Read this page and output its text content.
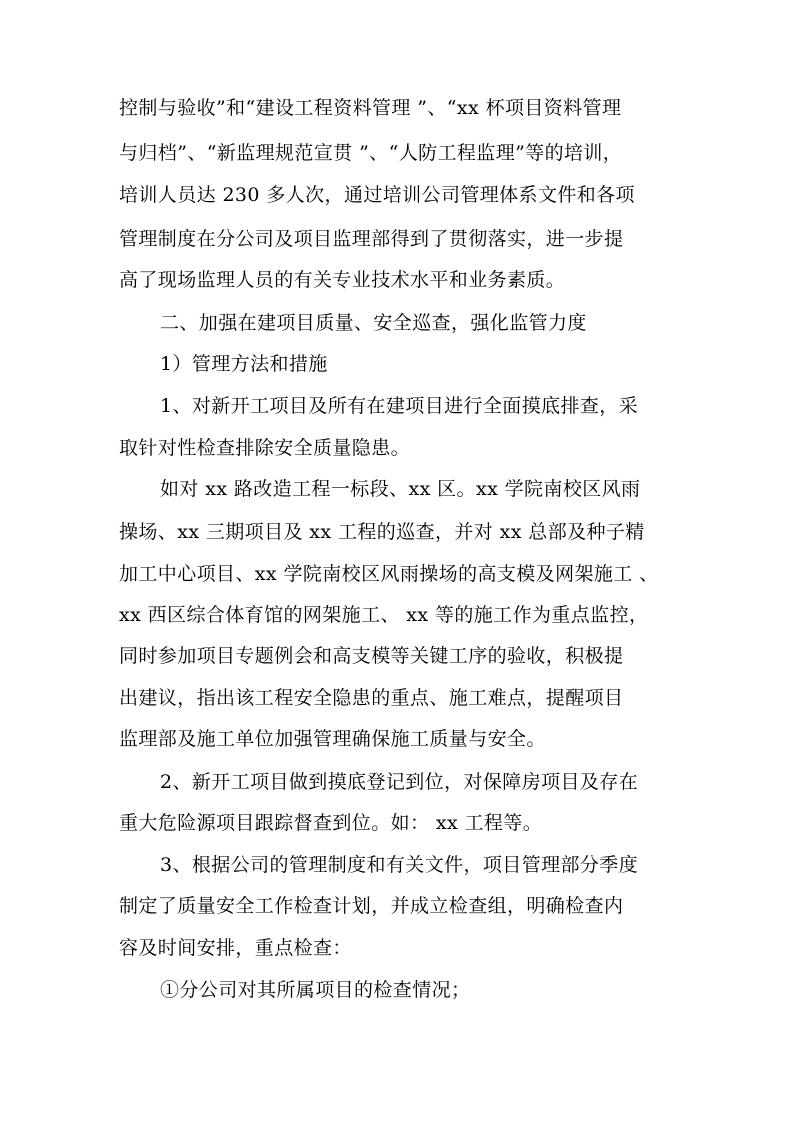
控制与验收”和“建设工程资料管理 ”、“xx 杯项目资料管理
与归档”、“新监理规范宣贯 ”、“人防工程监理”等的培训，
培训人员达 230 多人次，通过培训公司管理体系文件和各项
管理制度在分公司及项目监理部得到了贯彻落实，进一步提
高了现场监理人员的有关专业技术水平和业务素质。
二、加强在建项目质量、安全巡查，强化监管力度
1）管理方法和措施
1、对新开工项目及所有在建项目进行全面摸底排查，采
取针对性检查排除安全质量隐患。
如对 xx 路改造工程一标段、xx 区。xx 学院南校区风雨
操场、xx 三期项目及 xx 工程的巡查，并对 xx 总部及种子精
加工中心项目、xx 学院南校区风雨操场的高支模及网架施工 、
xx 西区综合体育馆的网架施工、 xx 等的施工作为重点监控，
同时参加项目专题例会和高支模等关键工序的验收，积极提
出建议，指出该工程安全隐患的重点、施工难点，提醒项目
监理部及施工单位加强管理确保施工质量与安全。
2、新开工项目做到摸底登记到位，对保障房项目及存在
重大危险源项目跟踪督查到位。如： xx 工程等。
3、根据公司的管理制度和有关文件，项目管理部分季度
制定了质量安全工作检查计划，并成立检查组，明确检查内
容及时间安排，重点检查：
①分公司对其所属项目的检查情况；
